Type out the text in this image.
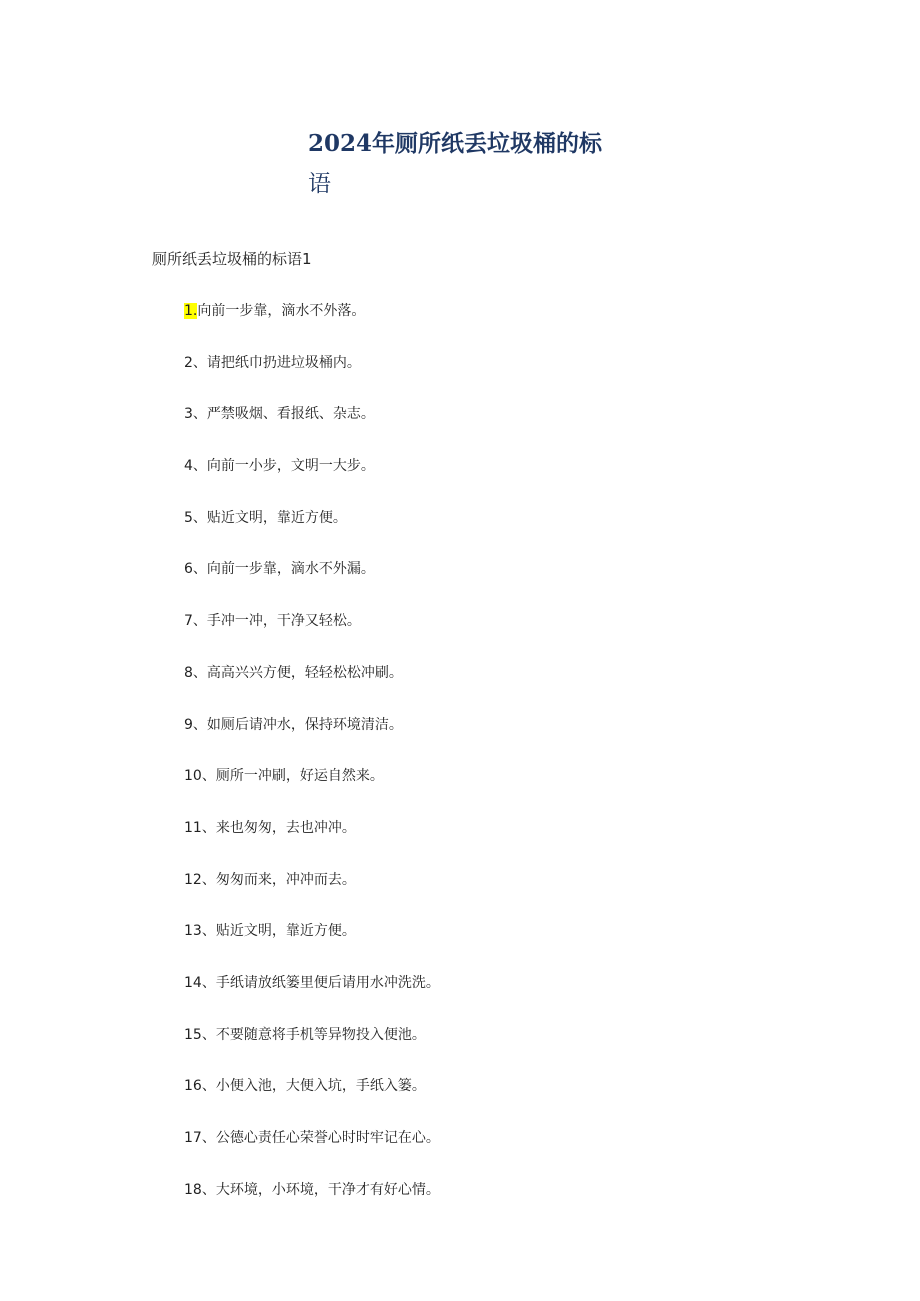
2024年厕所纸丢垃圾桶的标
语
厕所纸丢垃圾桶的标语1
1.向前一步靠，滴水不外落。
2、请把纸巾扔进垃圾桶内。
3、严禁吸烟、看报纸、杂志。
4、向前一小步，文明一大步。
5、贴近文明，靠近方便。
6、向前一步靠，滴水不外漏。
7、手冲一冲，干净又轻松。
8、高高兴兴方便，轻轻松松冲刷。
9、如厕后请冲水，保持环境清洁。
10、厕所一冲刷，好运自然来。
11、来也匆匆，去也冲冲。
12、匆匆而来，冲冲而去。
13、贴近文明，靠近方便。
14、手纸请放纸篓里便后请用水冲洗洗。
15、不要随意将手机等异物投入便池。
16、小便入池，大便入坑，手纸入篓。
17、公德心责任心荣誉心时时牢记在心。
18、大环境，小环境，干净才有好心情。
